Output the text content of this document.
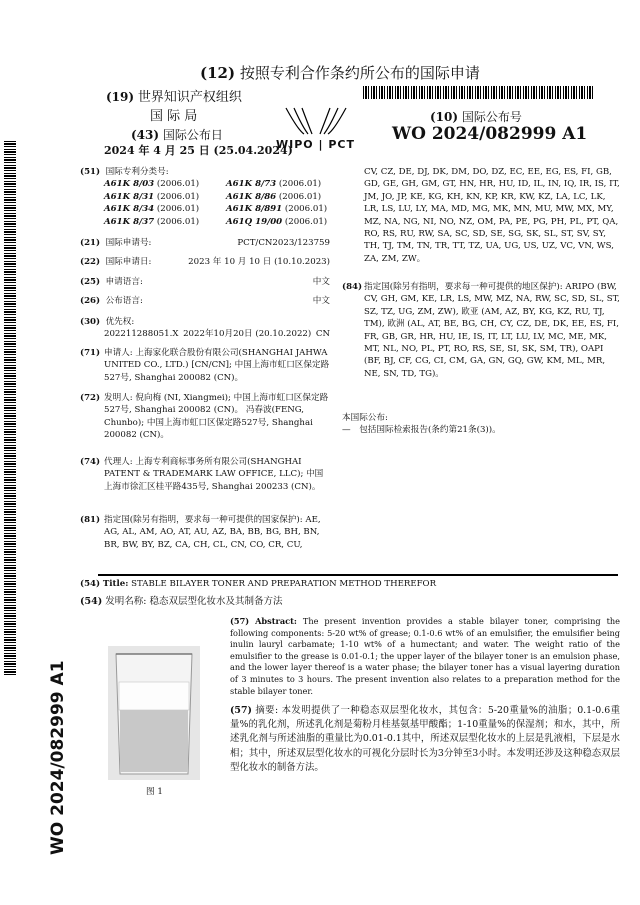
(12) 按照专利合作条约所公布的国际申请
(19) 世界知识产权组织
国 际 局
(43) 国际公布日
2024 年 4 月 25 日 (25.04.2024)
WIPO | PCT
(10) 国际公布号
WO 2024/082999 A1
WO 2024/082999 A1
(51) 国际专利分类号:
A61K 8/03 (2006.01)	A61K 8/73 (2006.01)
A61K 8/31 (2006.01)	A61K 8/86 (2006.01)
A61K 8/34 (2006.01)	A61K 8/891 (2006.01)
A61K 8/37 (2006.01)	A61Q 19/00 (2006.01)
(21) 国际申请号:	PCT/CN2023/123759
(22) 国际申请日:	2023 年 10 月 10 日 (10.10.2023)
(25) 申请语言:	中文
(26) 公布语言:	中文
(30) 优先权:
202211288051.X 2022年10月20日 (20.10.2022) CN
(71) 申请人: 上海家化联合股份有限公司(SHANGHAI JAHWA UNITED CO., LTD.) [CN/CN]; 中国上海市虹口区保定路527号, Shanghai 200082 (CN)。
(72) 发明人: 倪向梅 (NI, Xiangmei); 中国上海市虹口区保定路527号, Shanghai 200082 (CN)。 冯春波(FENG, Chunbo); 中国上海市虹口区保定路527号, Shanghai 200082 (CN)。
(74) 代理人: 上海专利商标事务所有限公司(SHANGHAI PATENT & TRADEMARK LAW OFFICE, LLC); 中国上海市徐汇区桂平路435号, Shanghai 200233 (CN)。
(81) 指定国(除另有指明，要求每一种可提供的国家保护): AE, AG, AL, AM, AO, AT, AU, AZ, BA, BB, BG, BH, BN, BR, BW, BY, BZ, CA, CH, CL, CN, CO, CR, CU,
CV, CZ, DE, DJ, DK, DM, DO, DZ, EC, EE, EG, ES, FI, GB, GD, GE, GH, GM, GT, HN, HR, HU, ID, IL, IN, IQ, IR, IS, IT, JM, JO, JP, KE, KG, KH, KN, KP, KR, KW, KZ, LA, LC, LK, LR, LS, LU, LY, MA, MD, MG, MK, MN, MU, MW, MX, MY, MZ, NA, NG, NI, NO, NZ, OM, PA, PE, PG, PH, PL, PT, QA, RO, RS, RU, RW, SA, SC, SD, SE, SG, SK, SL, ST, SV, SY, TH, TJ, TM, TN, TR, TT, TZ, UA, UG, US, UZ, VC, VN, WS, ZA, ZM, ZW。
(84) 指定国(除另有指明，要求每一种可提供的地区保护): ARIPO (BW, CV, GH, GM, KE, LR, LS, MW, MZ, NA, RW, SC, SD, SL, ST, SZ, TZ, UG, ZM, ZW), 欧亚 (AM, AZ, BY, KG, KZ, RU, TJ, TM), 欧洲 (AL, AT, BE, BG, CH, CY, CZ, DE, DK, EE, ES, FI, FR, GB, GR, HR, HU, IE, IS, IT, LT, LU, LV, MC, ME, MK, MT, NL, NO, PL, PT, RO, RS, SE, SI, SK, SM, TR), OAPI (BF, BJ, CF, CG, CI, CM, GA, GN, GQ, GW, KM, ML, MR, NE, SN, TD, TG)。
本国际公布:
—　包括国际检索报告(条约第21条(3))。
(54) Title: STABLE BILAYER TONER AND PREPARATION METHOD THEREFOR
(54) 发明名称: 稳态双层型化妆水及其制备方法
(57) Abstract: The present invention provides a stable bilayer toner, comprising the following components: 5-20 wt% of grease; 0.1-0.6 wt% of an emulsifier, the emulsifier being inulin lauryl carbamate; 1-10 wt% of a humectant; and water. The weight ratio of the emulsifier to the grease is 0.01-0.1; the upper layer of the bilayer toner is an emulsion phase, and the lower layer thereof is a water phase; the bilayer toner has a visual layering duration of 3 minutes to 3 hours. The present invention also relates to a preparation method for the stable bilayer toner.
(57) 摘要: 本发明提供了一种稳态双层型化妆水，其包含：5-20重量%的油脂；0.1-0.6重量%的乳化剂，所述乳化剂是菊粉月桂基氨基甲酸酯；1-10重量%的保湿剂；和水，其中，所述乳化剂与所述油脂的重量比为0.01-0.1其中，所述双层型化妆水的上层是乳液相，下层是水相；其中，所述双层型化妆水的可视化分层时长为3分钟至3小时。本发明还涉及这种稳态双层型化妆水的制备方法。
图 1
